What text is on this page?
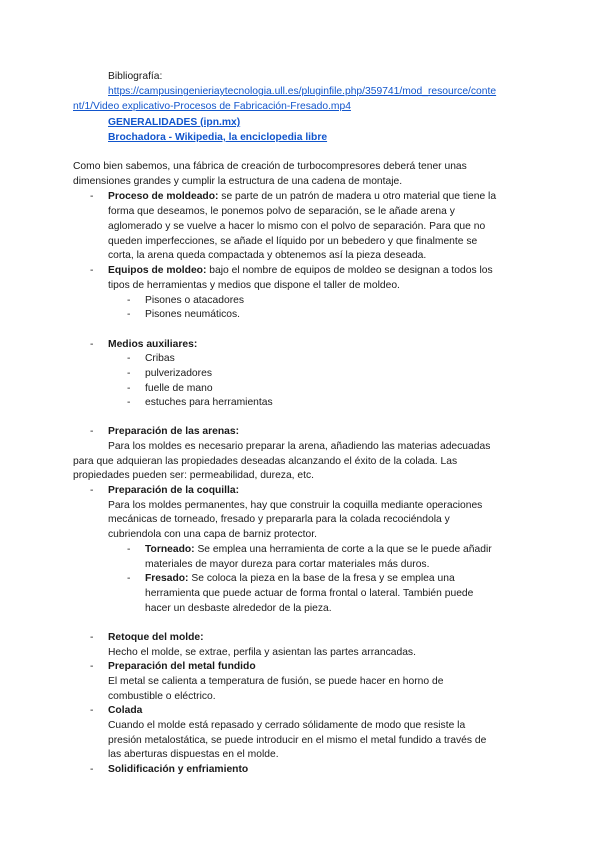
Bibliografía:
https://campusingenieriaytecnologia.ull.es/pluginfile.php/359741/mod_resource/conte
nt/1/Video explicativo-Procesos de Fabricación-Fresado.mp4
GENERALIDADES (ipn.mx)
Brochadora - Wikipedia, la enciclopedia libre
Como bien sabemos, una fábrica de creación de turbocompresores deberá tener unas
dimensiones grandes y cumplir la estructura de una cadena de montaje.
- Proceso de moldeado: se parte de un patrón de madera u otro material que tiene la
forma que deseamos, le ponemos polvo de separación, se le añade arena y
aglomerado y se vuelve a hacer lo mismo con el polvo de separación. Para que no
queden imperfecciones, se añade el líquido por un bebedero y que finalmente se
corta, la arena queda compactada y obtenemos así la pieza deseada.
- Equipos de moldeo: bajo el nombre de equipos de moldeo se designan a todos los
tipos de herramientas y medios que dispone el taller de moldeo.
- Pisones o atacadores
- Pisones neumáticos.
- Medios auxiliares:
- Cribas
- pulverizadores
- fuelle de mano
- estuches para herramientas
- Preparación de las arenas:
Para los moldes es necesario preparar la arena, añadiendo las materias adecuadas
para que adquieran las propiedades deseadas alcanzando el éxito de la colada. Las
propiedades pueden ser: permeabilidad, dureza, etc.
- Preparación de la coquilla:
Para los moldes permanentes, hay que construir la coquilla mediante operaciones
mecánicas de torneado, fresado y prepararla para la colada recociéndola y
cubriendola con una capa de barniz protector.
- Torneado: Se emplea una herramienta de corte a la que se le puede añadir
materiales de mayor dureza para cortar materiales más duros.
- Fresado: Se coloca la pieza en la base de la fresa y se emplea una
herramienta que puede actuar de forma frontal o lateral. También puede
hacer un desbaste alrededor de la pieza.
- Retoque del molde:
Hecho el molde, se extrae, perfila y asientan las partes arrancadas.
- Preparación del metal fundido
El metal se calienta a temperatura de fusión, se puede hacer en horno de
combustible o eléctrico.
- Colada
Cuando el molde está repasado y cerrado sólidamente de modo que resiste la
presión metalostática, se puede introducir en el mismo el metal fundido a través de
las aberturas dispuestas en el molde.
- Solidificación y enfriamiento
